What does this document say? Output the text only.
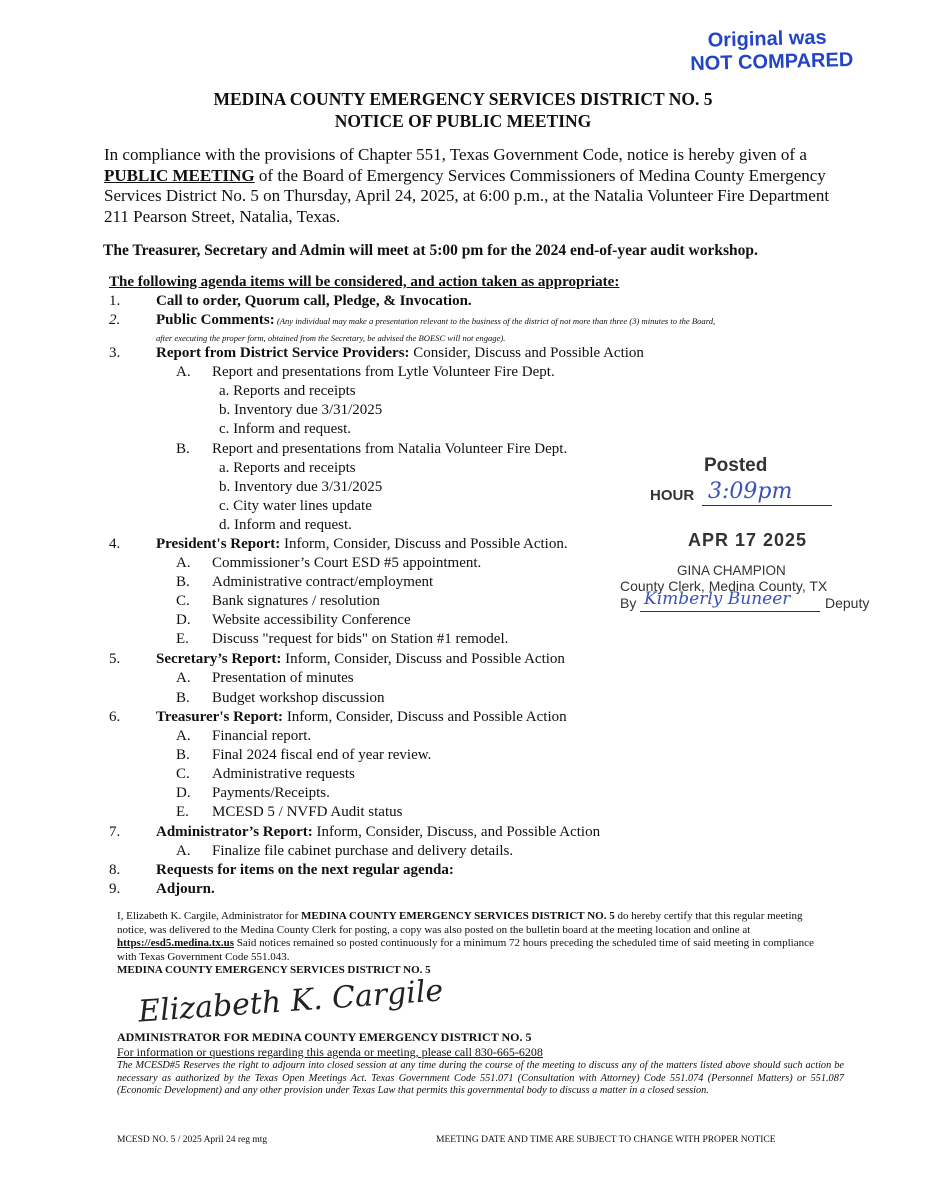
Original was
NOT COMPARED
MEDINA COUNTY EMERGENCY SERVICES DISTRICT NO. 5
NOTICE OF PUBLIC MEETING
In compliance with the provisions of Chapter 551, Texas Government Code, notice is hereby given of a PUBLIC MEETING of the Board of Emergency Services Commissioners of Medina County Emergency Services District No. 5 on Thursday, April 24, 2025, at 6:00 p.m., at the Natalia Volunteer Fire Department 211 Pearson Street, Natalia, Texas.
The Treasurer, Secretary and Admin will meet at 5:00 pm for the 2024 end-of-year audit workshop.
The following agenda items will be considered, and action taken as appropriate:
1. Call to order, Quorum call, Pledge, & Invocation.
2. Public Comments: (Any individual may make a presentation relevant to the business of the district of not more than three (3) minutes to the Board,
after executing the proper form, obtained from the Secretary, be advised the BOESC will not engage).
3. Report from District Service Providers: Consider, Discuss and Possible Action
A. Report and presentations from Lytle Volunteer Fire Dept.
a. Reports and receipts
b. Inventory due 3/31/2025
c. Inform and request.
B. Report and presentations from Natalia Volunteer Fire Dept.
a. Reports and receipts
b. Inventory due 3/31/2025
c. City water lines update
d. Inform and request.
4. President's Report: Inform, Consider, Discuss and Possible Action.
A. Commissioner’s Court ESD #5 appointment.
B. Administrative contract/employment
C. Bank signatures / resolution
D. Website accessibility Conference
E. Discuss "request for bids" on Station #1 remodel.
5. Secretary’s Report: Inform, Consider, Discuss and Possible Action
A. Presentation of minutes
B. Budget workshop discussion
6. Treasurer's Report: Inform, Consider, Discuss and Possible Action
A. Financial report.
B. Final 2024 fiscal end of year review.
C. Administrative requests
D. Payments/Receipts.
E. MCESD 5 / NVFD Audit status
7. Administrator’s Report: Inform, Consider, Discuss, and Possible Action
A. Finalize file cabinet purchase and delivery details.
8. Requests for items on the next regular agenda:
9. Adjourn.
Posted
HOUR 3:09pm
APR 17 2025
GINA CHAMPION
County Clerk, Medina County, TX
By Kimberly Buneer Deputy
I, Elizabeth K. Cargile, Administrator for MEDINA COUNTY EMERGENCY SERVICES DISTRICT NO. 5 do hereby certify that this regular meeting notice, was delivered to the Medina County Clerk for posting, a copy was also posted on the bulletin board at the meeting location and online at https://esd5.medina.tx.us Said notices remained so posted continuously for a minimum 72 hours preceding the scheduled time of said meeting in compliance with Texas Government Code 551.043.
MEDINA COUNTY EMERGENCY SERVICES DISTRICT NO. 5
Elizabeth K. Cargile
ADMINISTRATOR FOR MEDINA COUNTY EMERGENCY DISTRICT NO. 5
For information or questions regarding this agenda or meeting, please call 830-665-6208
The MCESD#5 Reserves the right to adjourn into closed session at any time during the course of the meeting to discuss any of the matters listed above should such action be necessary as authorized by the Texas Open Meetings Act. Texas Government Code 551.071 (Consultation with Attorney) Code 551.074 (Personnel Matters) or 551.087 (Economic Development) and any other provision under Texas Law that permits this governmental body to discuss a matter in a closed session.
MCESD NO. 5 / 2025 April 24 reg mtg	MEETING DATE AND TIME ARE SUBJECT TO CHANGE WITH PROPER NOTICE
